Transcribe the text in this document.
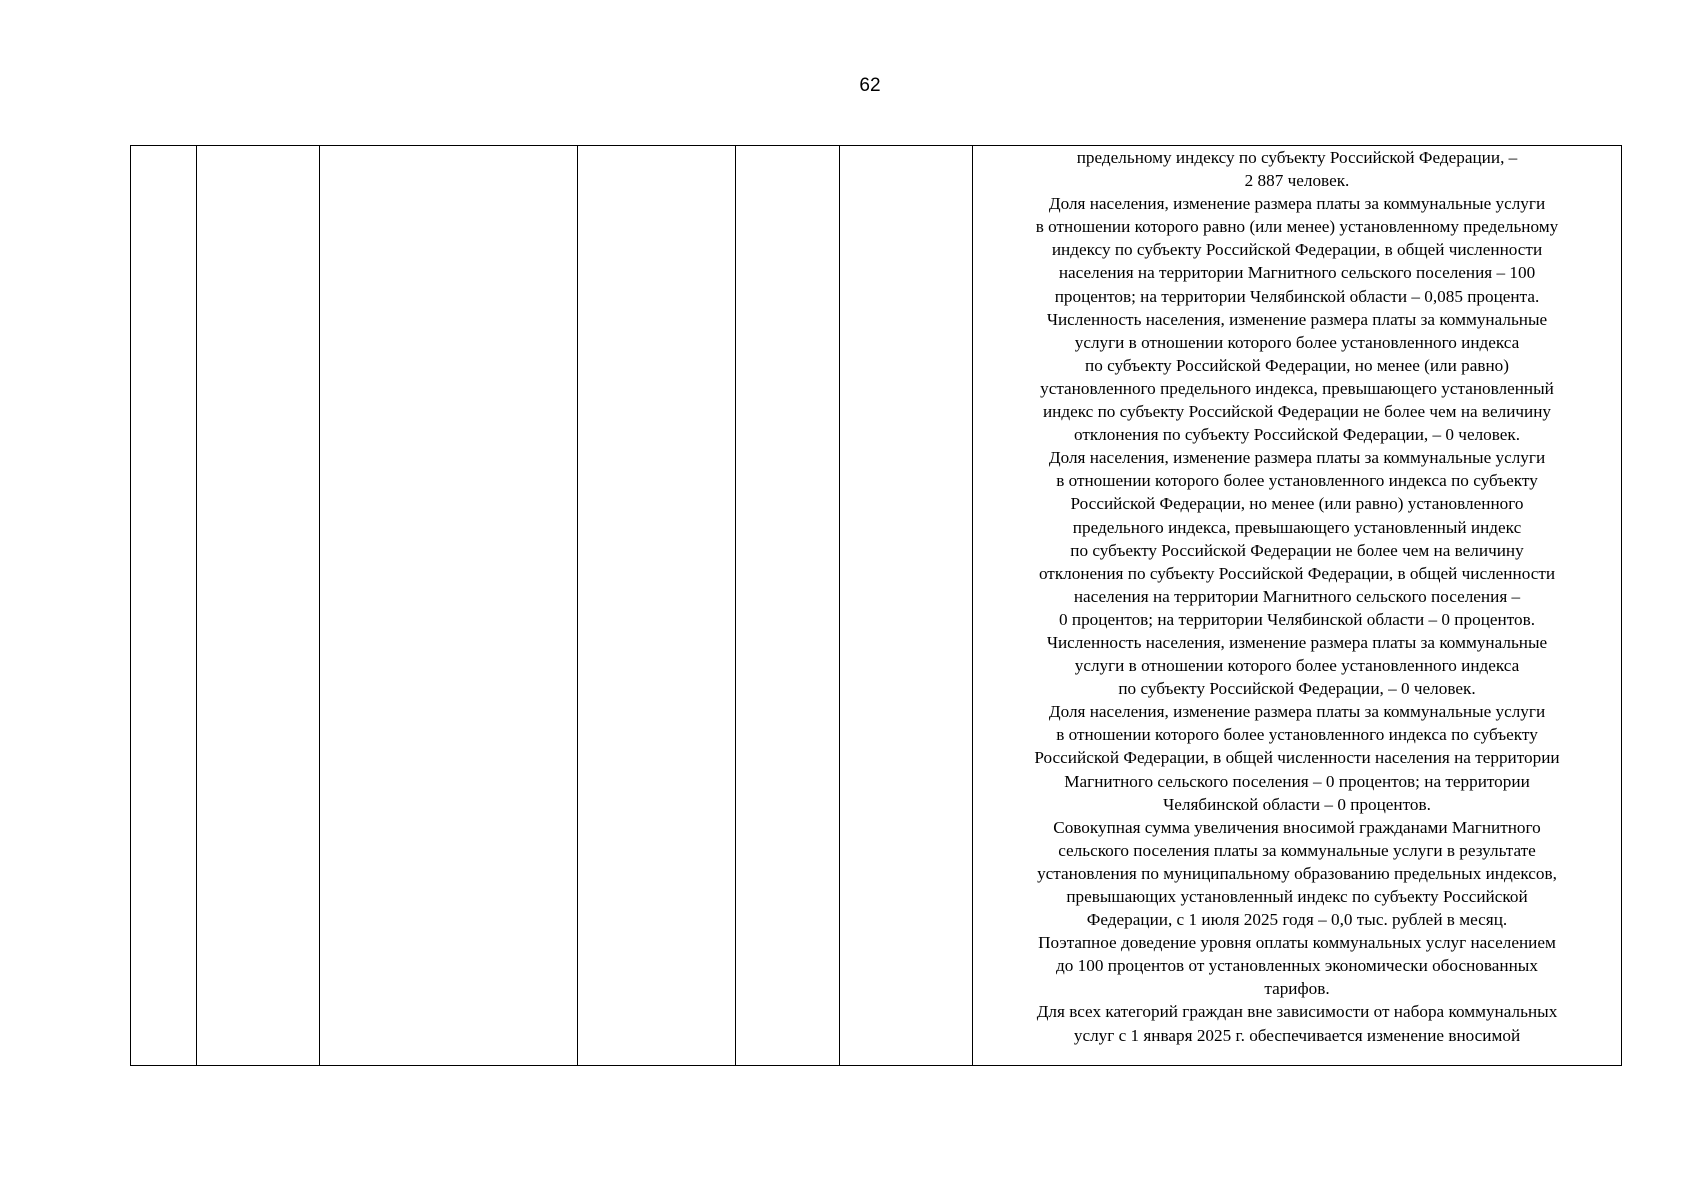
62

предельному индексу по субъекту Российской Федерации, –
2 887 человек.
Доля населения, изменение размера платы за коммунальные услуги
в отношении которого равно (или менее) установленному предельному
индексу по субъекту Российской Федерации, в общей численности
населения на территории Магнитного сельского поселения – 100
процентов; на территории Челябинской области – 0,085 процента.
Численность населения, изменение размера платы за коммунальные
услуги в отношении которого более установленного индекса
по субъекту Российской Федерации, но менее (или равно)
установленного предельного индекса, превышающего установленный
индекс по субъекту Российской Федерации не более чем на величину
отклонения по субъекту Российской Федерации, – 0 человек.
Доля населения, изменение размера платы за коммунальные услуги
в отношении которого более установленного индекса по субъекту
Российской Федерации, но менее (или равно) установленного
предельного индекса, превышающего установленный индекс
по субъекту Российской Федерации не более чем на величину
отклонения по субъекту Российской Федерации, в общей численности
населения на территории Магнитного сельского поселения –
0 процентов; на территории Челябинской области – 0 процентов.
Численность населения, изменение размера платы за коммунальные
услуги в отношении которого более установленного индекса
по субъекту Российской Федерации, – 0 человек.
Доля населения, изменение размера платы за коммунальные услуги
в отношении которого более установленного индекса по субъекту
Российской Федерации, в общей численности населения на территории
Магнитного сельского поселения – 0 процентов; на территории
Челябинской области – 0 процентов.
Совокупная сумма увеличения вносимой гражданами Магнитного
сельского поселения платы за коммунальные услуги в результате
установления по муниципальному образованию предельных индексов,
превышающих установленный индекс по субъекту Российской
Федерации, с 1 июля 2025 годя – 0,0 тыс. рублей в месяц.
Поэтапное доведение уровня оплаты коммунальных услуг населением
до 100 процентов от установленных экономически обоснованных
тарифов.
Для всех категорий граждан вне зависимости от набора коммунальных
услуг с 1 января 2025 г. обеспечивается изменение вносимой
